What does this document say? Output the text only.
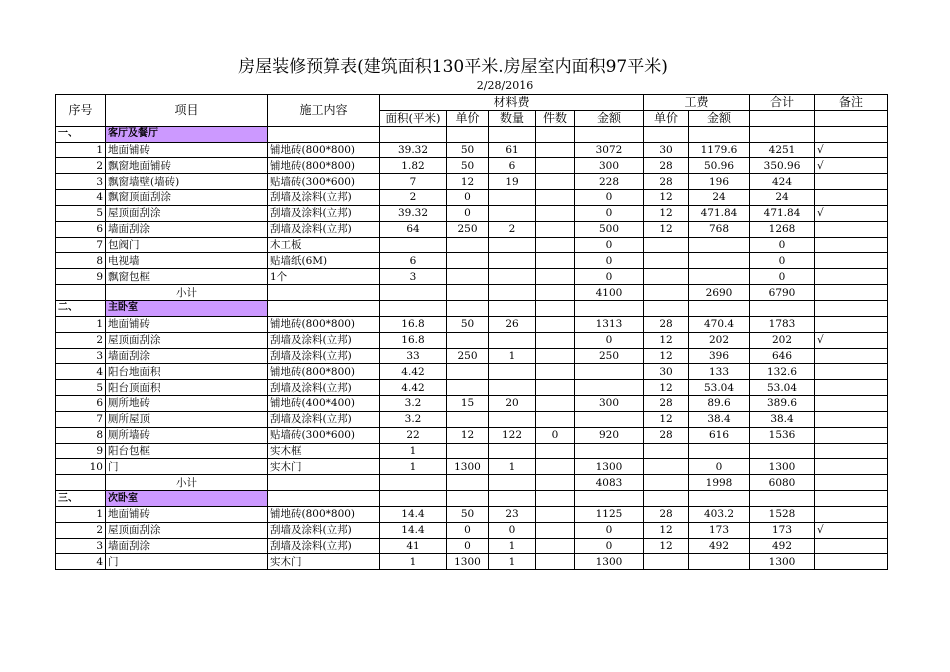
房屋装修预算表(建筑面积130平米.房屋室内面积97平米)
2/28/2016
序号	项目	施工内容	材料费					工费		合计	备注
			面积(平米)	单价	数量	件数	金额	单价	金额		
一、	客厅及餐厅										
1	地面铺砖	铺地砖(800*800)	39.32	50	61		3072	30	1179.6	4251	√
2	飘窗地面铺砖	铺地砖(800*800)	1.82	50	6		300	28	50.96	350.96	√
3	飘窗墙壁(墙砖)	贴墙砖(300*600)	7	12	19		228	28	196	424	
4	飘窗顶面刮涂	刮墙及涂料(立邦)	2	0			0	12	24	24	
5	屋顶面刮涂	刮墙及涂料(立邦)	39.32	0			0	12	471.84	471.84	√
6	墙面刮涂	刮墙及涂料(立邦)	64	250	2		500	12	768	1268	
7	包阀门	木工板					0			0	
8	电视墙	贴墙纸(6M)	6				0			0	
9	飘窗包框	1个	3				0			0	
	小计						4100		2690	6790	
二、	主卧室										
1	地面铺砖	铺地砖(800*800)	16.8	50	26		1313	28	470.4	1783	
2	屋顶面刮涂	刮墙及涂料(立邦)	16.8				0	12	202	202	√
3	墙面刮涂	刮墙及涂料(立邦)	33	250	1		250	12	396	646	
4	阳台地面积	铺地砖(800*800)	4.42					30	133	132.6	
5	阳台顶面积	刮墙及涂料(立邦)	4.42					12	53.04	53.04	
6	厕所地砖	铺地砖(400*400)	3.2	15	20		300	28	89.6	389.6	
7	厕所屋顶	刮墙及涂料(立邦)	3.2					12	38.4	38.4	
8	厕所墙砖	贴墙砖(300*600)	22	12	122	0	920	28	616	1536	
9	阳台包框	实木框	1								
10	门	实木门	1	1300	1		1300		0	1300	
	小计						4083		1998	6080	
三、	次卧室										
1	地面铺砖	铺地砖(800*800)	14.4	50	23		1125	28	403.2	1528	
2	屋顶面刮涂	刮墙及涂料(立邦)	14.4	0	0		0	12	173	173	√
3	墙面刮涂	刮墙及涂料(立邦)	41	0	1		0	12	492	492	
4	门	实木门	1	1300	1		1300			1300	
